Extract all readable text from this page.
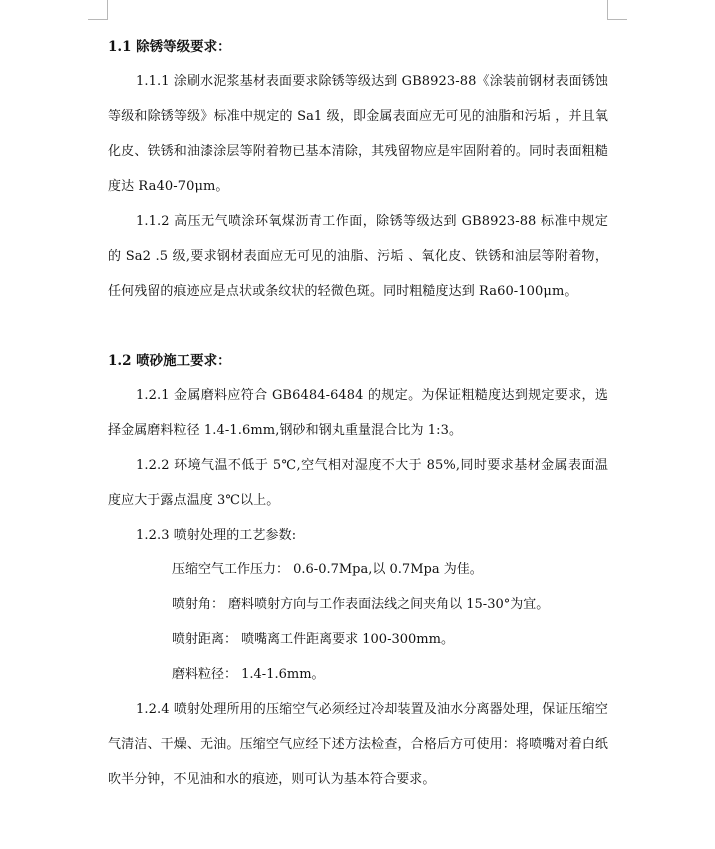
1.1 除锈等级要求：

1.1.1 涂刷水泥浆基材表面要求除锈等级达到 GB8923-88《涂装前钢材表面锈蚀等级和除锈等级》标准中规定的 Sa1 级，即金属表面应无可见的油脂和污垢 ，并且氧化皮、铁锈和油漆涂层等附着物已基本清除，其残留物应是牢固附着的。同时表面粗糙度达 Ra40-70μm。

1.1.2 高压无气喷涂环氧煤沥青工作面，除锈等级达到 GB8923-88 标准中规定的 Sa2 .5 级,要求钢材表面应无可见的油脂、污垢 、氧化皮、铁锈和油层等附着物，任何残留的痕迹应是点状或条纹状的轻微色斑。同时粗糙度达到 Ra60-100μm。

1.2 喷砂施工要求：

1.2.1 金属磨料应符合 GB6484-6484 的规定。为保证粗糙度达到规定要求，选择金属磨料粒径 1.4-1.6mm,钢砂和钢丸重量混合比为 1:3。

1.2.2 环境气温不低于 5℃,空气相对湿度不大于 85%,同时要求基材金属表面温度应大于露点温度 3℃以上。

1.2.3 喷射处理的工艺参数:

压缩空气工作压力： 0.6-0.7Mpa,以 0.7Mpa 为佳。

喷射角： 磨料喷射方向与工作表面法线之间夹角以 15-30°为宜。

喷射距离： 喷嘴离工件距离要求 100-300mm。

磨料粒径： 1.4-1.6mm。

1.2.4 喷射处理所用的压缩空气必须经过冷却装置及油水分离器处理，保证压缩空气清洁、干燥、无油。压缩空气应经下述方法检查，合格后方可使用：将喷嘴对着白纸吹半分钟，不见油和水的痕迹，则可认为基本符合要求。
